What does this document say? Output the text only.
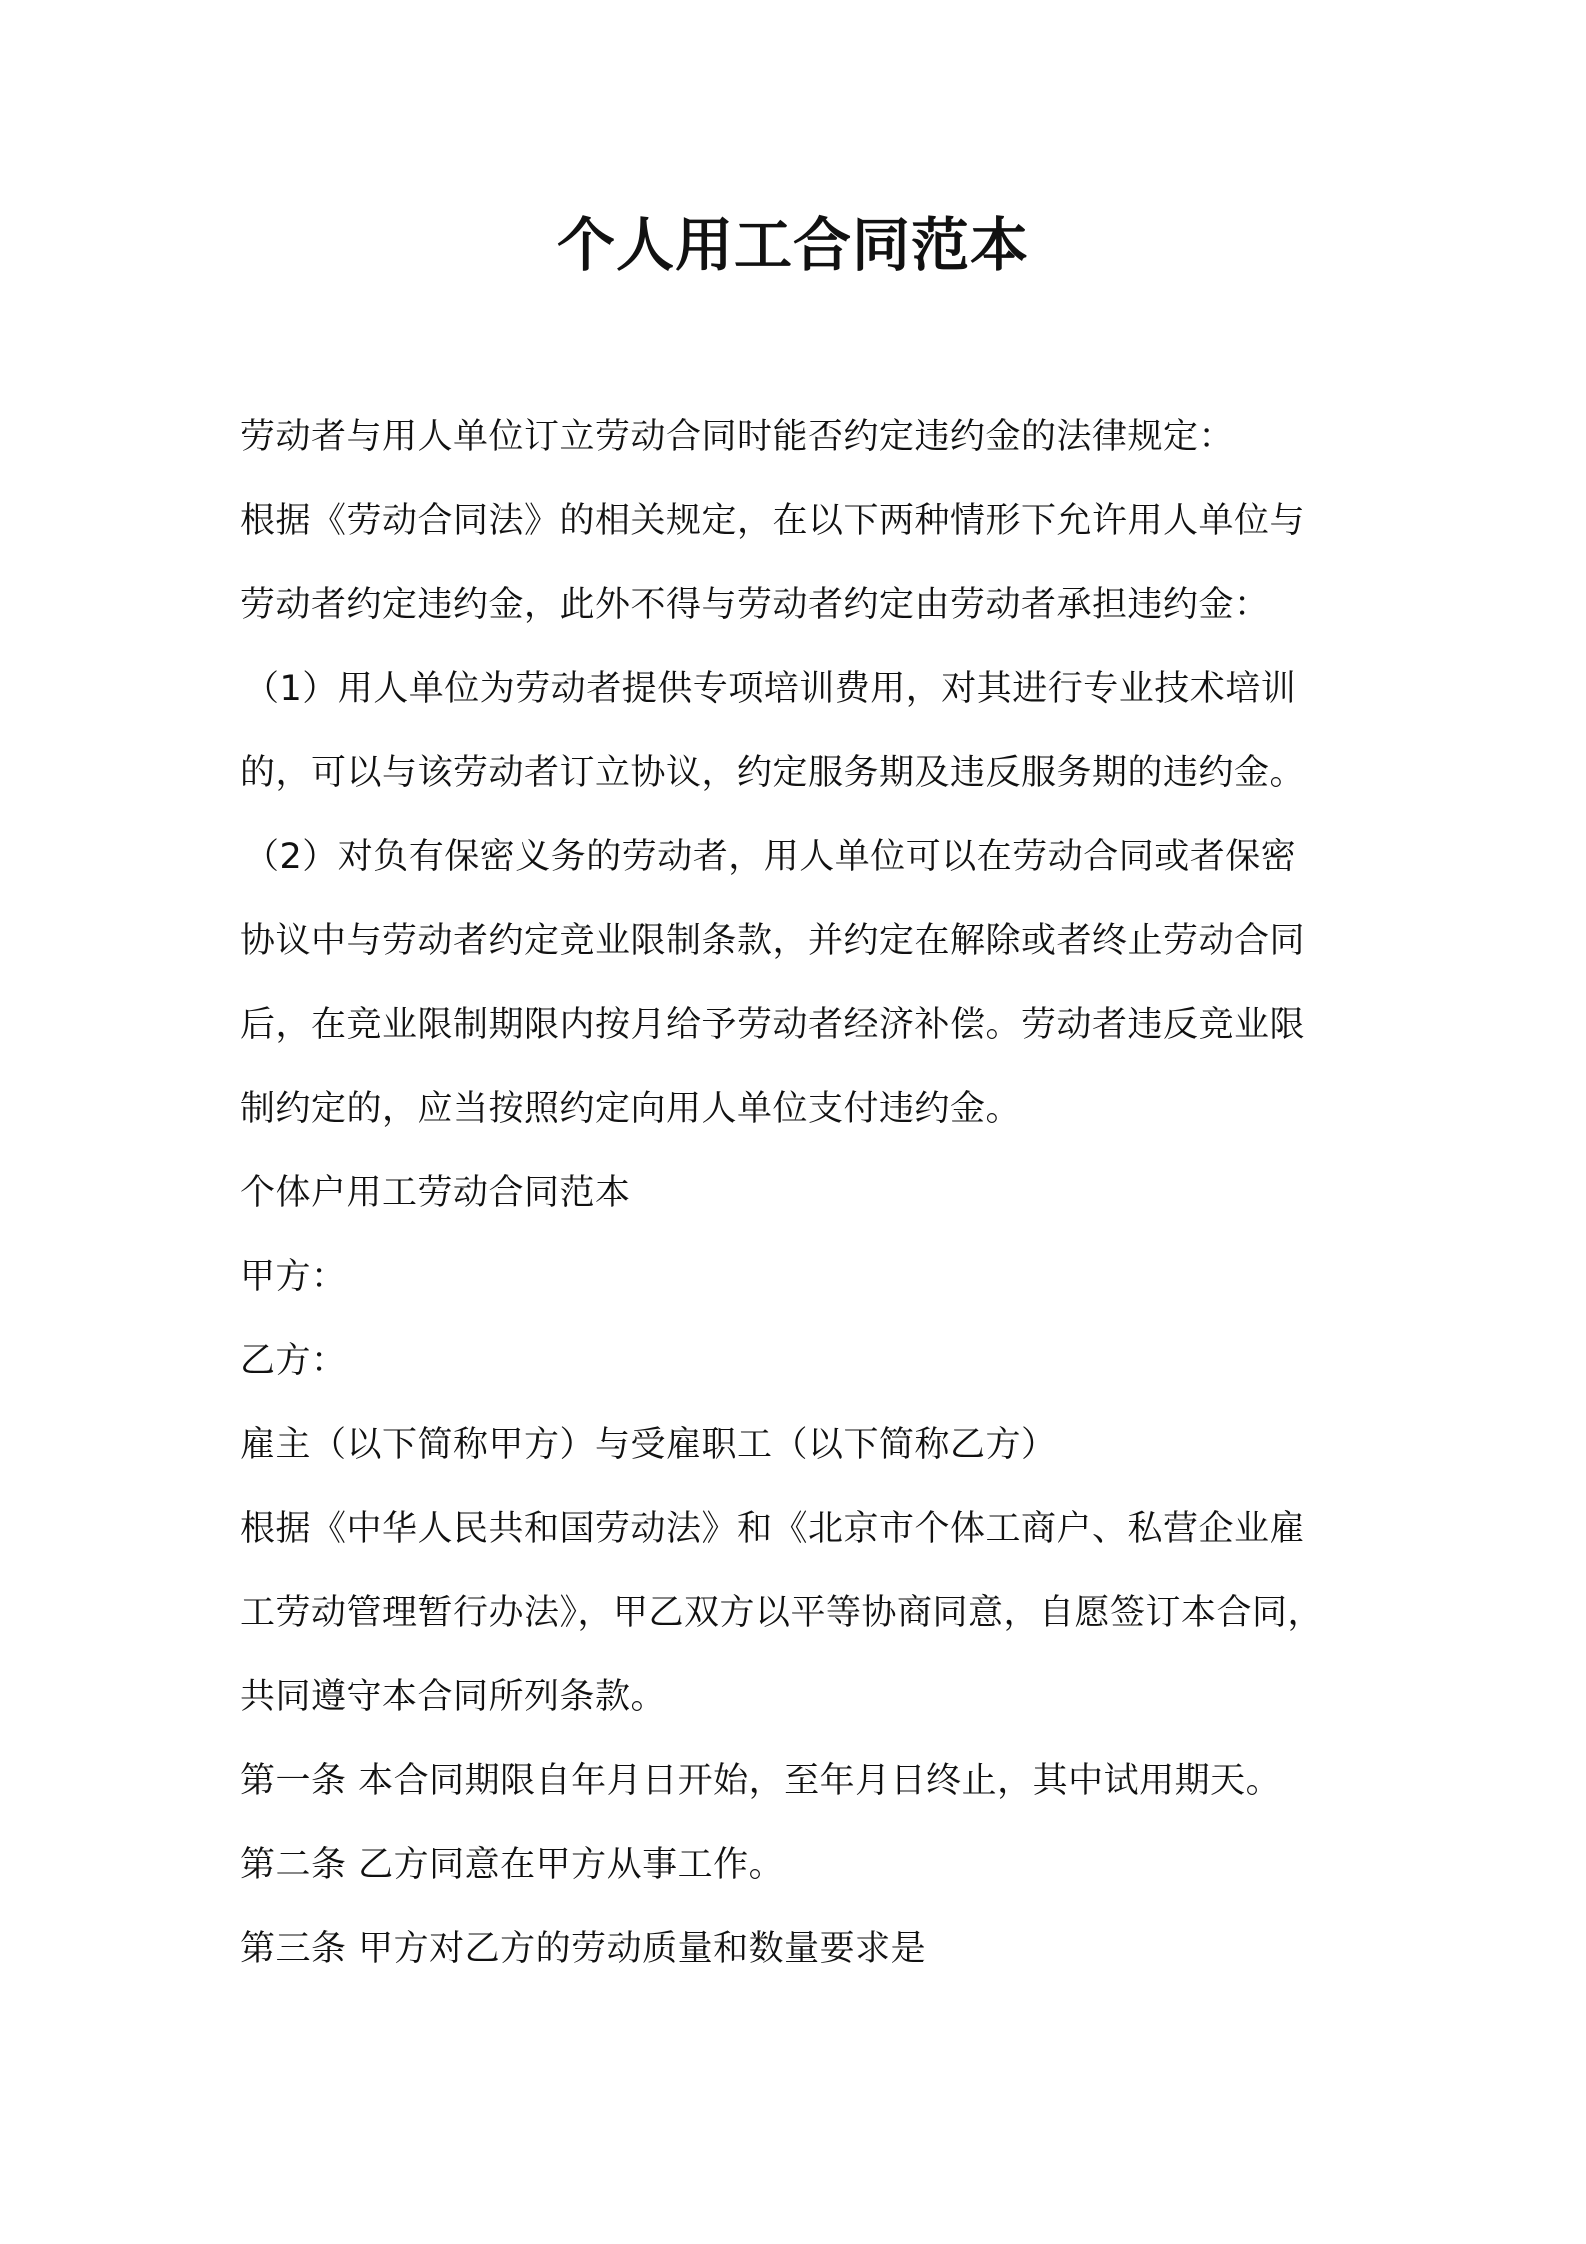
个人用工合同范本
劳动者与用人单位订立劳动合同时能否约定违约金的法律规定：
根据《劳动合同法》的相关规定，在以下两种情形下允许用人单位与
劳动者约定违约金，此外不得与劳动者约定由劳动者承担违约金：
（1）用人单位为劳动者提供专项培训费用，对其进行专业技术培训
的，可以与该劳动者订立协议，约定服务期及违反服务期的违约金。
（2）对负有保密义务的劳动者，用人单位可以在劳动合同或者保密
协议中与劳动者约定竞业限制条款，并约定在解除或者终止劳动合同
后，在竞业限制期限内按月给予劳动者经济补偿。劳动者违反竞业限
制约定的，应当按照约定向用人单位支付违约金。
个体户用工劳动合同范本
甲方：
乙方：
雇主（以下简称甲方）与受雇职工（以下简称乙方）
根据《中华人民共和国劳动法》和《北京市个体工商户、私营企业雇
工劳动管理暂行办法》，甲乙双方以平等协商同意，自愿签订本合同，
共同遵守本合同所列条款。
第一条 本合同期限自年月日开始，至年月日终止，其中试用期天。
第二条 乙方同意在甲方从事工作。
第三条 甲方对乙方的劳动质量和数量要求是
